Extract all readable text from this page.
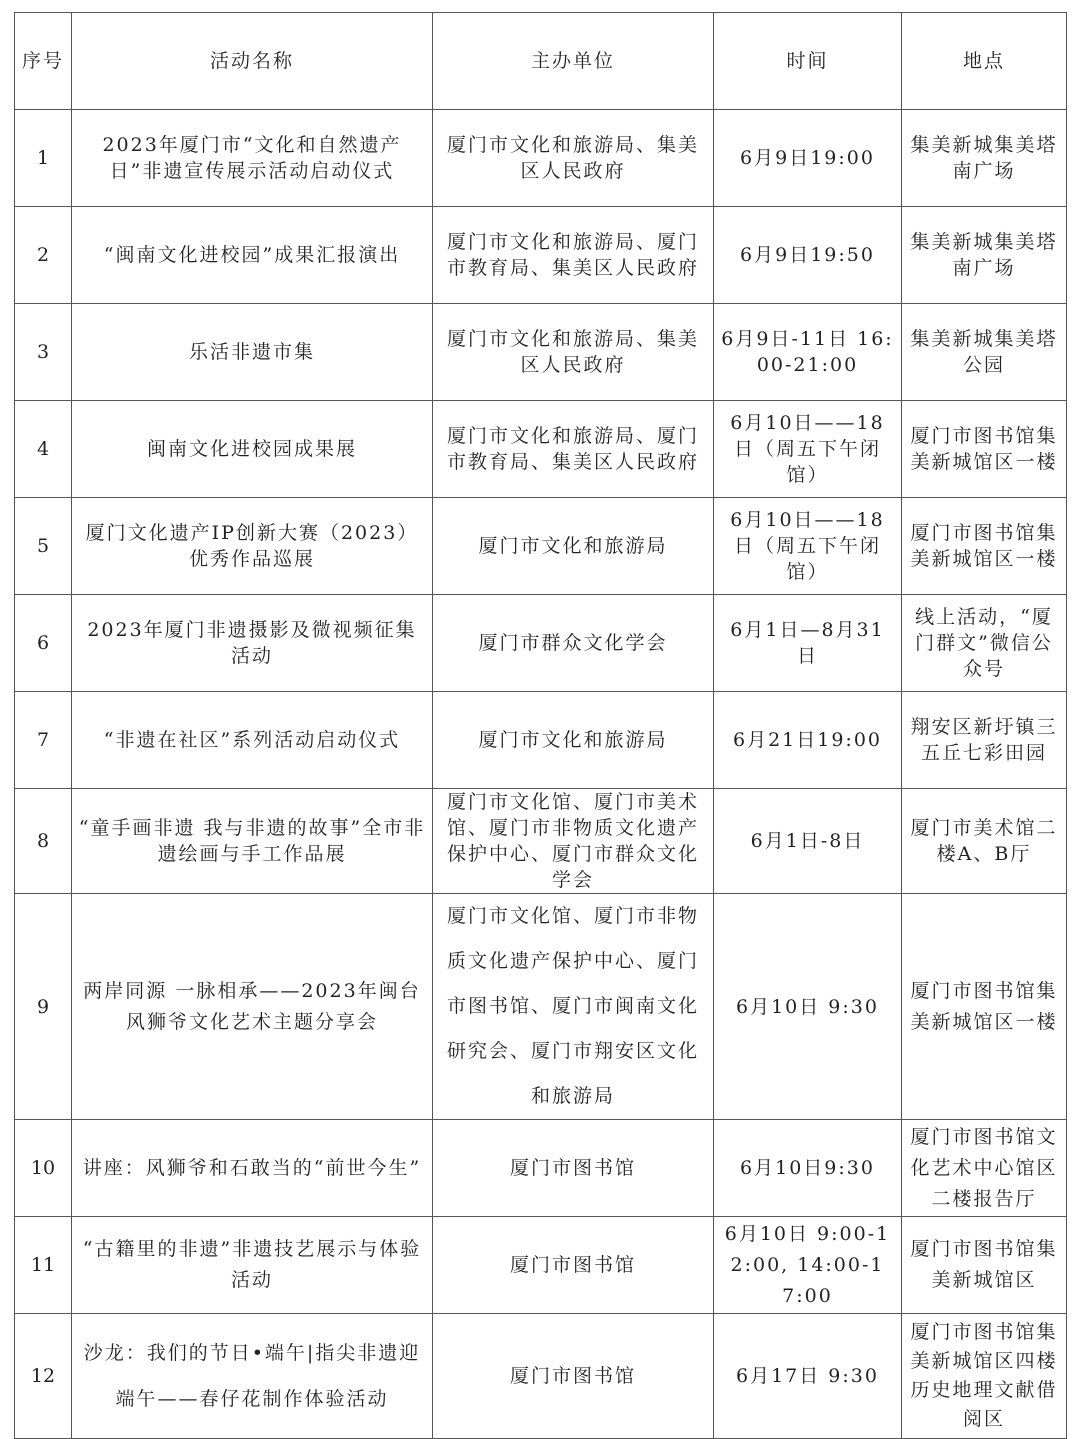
序号	活动名称	主办单位	时间	地点
1	2023年厦门市“文化和自然遗产日”非遗宣传展示活动启动仪式	厦门市文化和旅游局、集美区人民政府	6月9日19:00	集美新城集美塔南广场
2	“闽南文化进校园”成果汇报演出	厦门市文化和旅游局、厦门市教育局、集美区人民政府	6月9日19:50	集美新城集美塔南广场
3	乐活非遗市集	厦门市文化和旅游局、集美区人民政府	6月9日-11日 16:00-21:00	集美新城集美塔公园
4	闽南文化进校园成果展	厦门市文化和旅游局、厦门市教育局、集美区人民政府	6月10日——18日（周五下午闭馆）	厦门市图书馆集美新城馆区一楼
5	厦门文化遗产IP创新大赛（2023）优秀作品巡展	厦门市文化和旅游局	6月10日——18日（周五下午闭馆）	厦门市图书馆集美新城馆区一楼
6	2023年厦门非遗摄影及微视频征集活动	厦门市群众文化学会	6月1日—8月31日	线上活动，“厦门群文”微信公众号
7	“非遗在社区”系列活动启动仪式	厦门市文化和旅游局	6月21日19:00	翔安区新圩镇三五丘七彩田园
8	“童手画非遗 我与非遗的故事”全市非遗绘画与手工作品展	厦门市文化馆、厦门市美术馆、厦门市非物质文化遗产保护中心、厦门市群众文化学会	6月1日-8日	厦门市美术馆二楼A、B厅
9	两岸同源 一脉相承——2023年闽台风狮爷文化艺术主题分享会	厦门市文化馆、厦门市非物质文化遗产保护中心、厦门市图书馆、厦门市闽南文化研究会、厦门市翔安区文化和旅游局	6月10日 9:30	厦门市图书馆集美新城馆区一楼
10	讲座：风狮爷和石敢当的“前世今生”	厦门市图书馆	6月10日9:30	厦门市图书馆文化艺术中心馆区二楼报告厅
11	“古籍里的非遗”非遗技艺展示与体验活动	厦门市图书馆	6月10日 9:00-12:00, 14:00-17:00	厦门市图书馆集美新城馆区
12	沙龙：我们的节日•端午|指尖非遗迎端午——春仔花制作体验活动	厦门市图书馆	6月17日 9:30	厦门市图书馆集美新城馆区四楼历史地理文献借阅区
